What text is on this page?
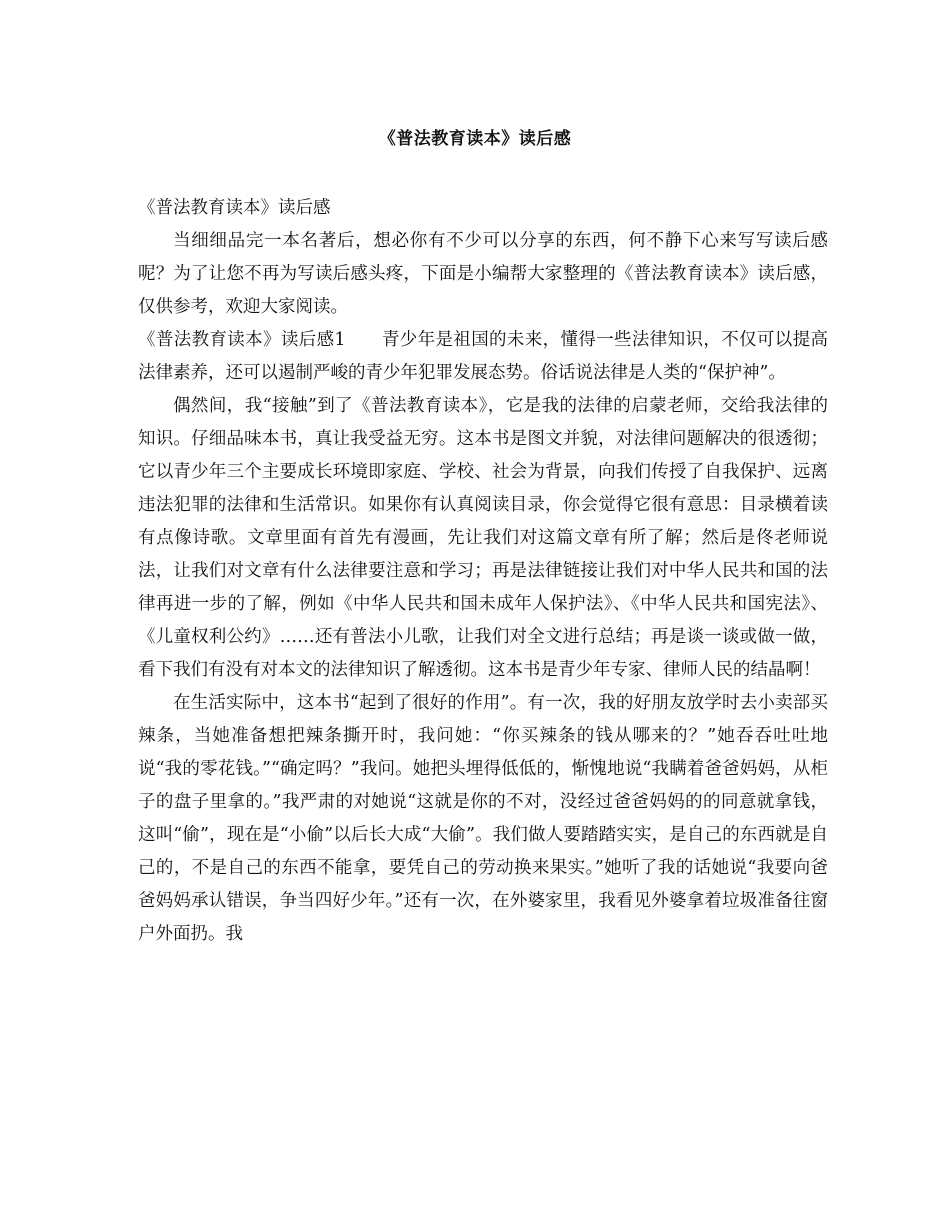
《普法教育读本》读后感

《普法教育读本》读后感

当细细品完一本名著后，想必你有不少可以分享的东西，何不静下心来写写读后感呢？为了让您不再为写读后感头疼，下面是小编帮大家整理的《普法教育读本》读后感，仅供参考，欢迎大家阅读。

《普法教育读本》读后感1 青少年是祖国的未来，懂得一些法律知识，不仅可以提高法律素养，还可以遏制严峻的青少年犯罪发展态势。俗话说法律是人类的“保护神”。

偶然间，我“接触”到了《普法教育读本》，它是我的法律的启蒙老师，交给我法律的知识。仔细品味本书，真让我受益无穷。这本书是图文并貌，对法律问题解决的很透彻；它以青少年三个主要成长环境即家庭、学校、社会为背景，向我们传授了自我保护、远离违法犯罪的法律和生活常识。如果你有认真阅读目录，你会觉得它很有意思：目录横着读有点像诗歌。文章里面有首先有漫画，先让我们对这篇文章有所了解；然后是佟老师说法，让我们对文章有什么法律要注意和学习；再是法律链接让我们对中华人民共和国的法律再进一步的了解，例如《中华人民共和国未成年人保护法》、《中华人民共和国宪法》、《儿童权利公约》……还有普法小儿歌，让我们对全文进行总结；再是谈一谈或做一做，看下我们有没有对本文的法律知识了解透彻。这本书是青少年专家、律师人民的结晶啊！

在生活实际中，这本书“起到了很好的作用”。有一次，我的好朋友放学时去小卖部买辣条，当她准备想把辣条撕开时，我问她：“你买辣条的钱从哪来的？”她吞吞吐吐地说“我的零花钱。”“确定吗？”我问。她把头埋得低低的，惭愧地说“我瞒着爸爸妈妈，从柜子的盘子里拿的。”我严肃的对她说“这就是你的不对，没经过爸爸妈妈的的同意就拿钱，这叫“偷”，现在是“小偷”以后长大成“大偷”。我们做人要踏踏实实，是自己的东西就是自己的，不是自己的东西不能拿，要凭自己的劳动换来果实。”她听了我的话她说“我要向爸爸妈妈承认错误，争当四好少年。”还有一次，在外婆家里，我看见外婆拿着垃圾准备往窗户外面扔。我
